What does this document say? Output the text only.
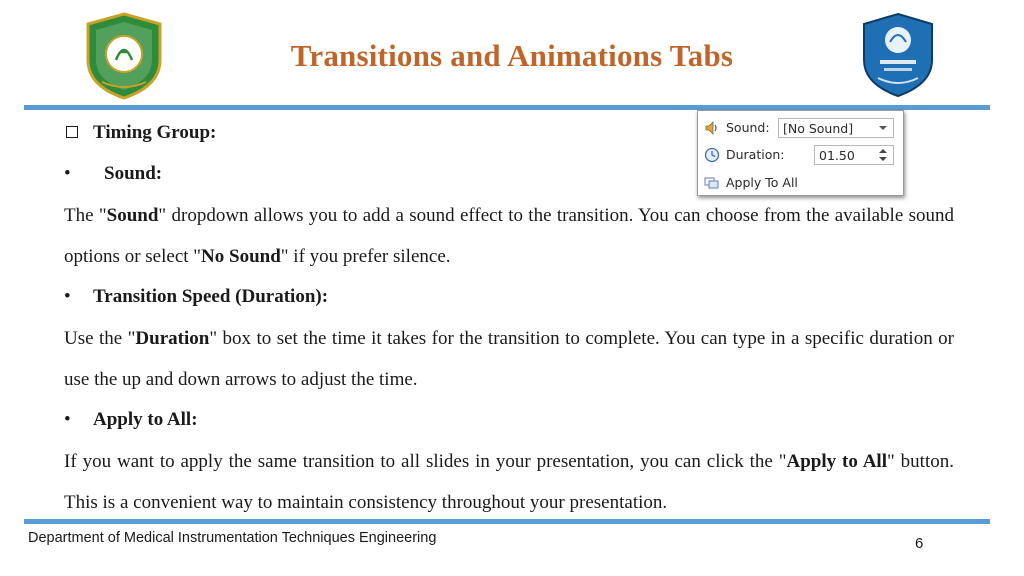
Transitions and Animations Tabs
Timing Group:
• Sound:
The "Sound" dropdown allows you to add a sound effect to the transition. You can choose from the available sound options or select "No Sound" if you prefer silence.
• Transition Speed (Duration):
Use the "Duration" box to set the time it takes for the transition to complete. You can type in a specific duration or use the up and down arrows to adjust the time.
• Apply to All:
If you want to apply the same transition to all slides in your presentation, you can click the "Apply to All" button. This is a convenient way to maintain consistency throughout your presentation.
Sound: [No Sound]
Duration:	01.50
Apply To All
Department of Medical Instrumentation Techniques Engineering	6
